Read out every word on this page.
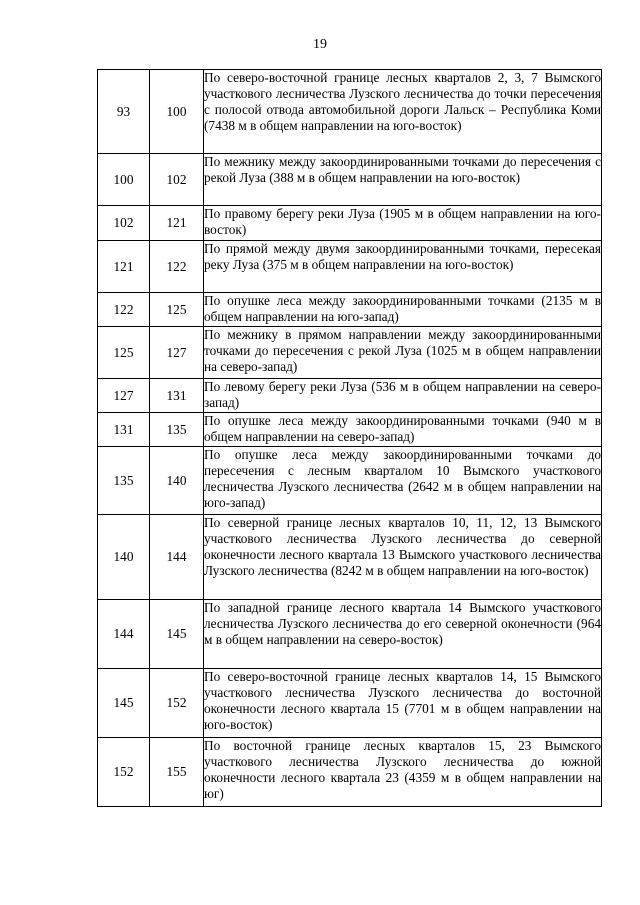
19
93	100	По северо-восточной границе лесных кварталов 2, 3, 7 Вымского участкового лесничества Лузского лесничества до точки пересечения с полосой отвода автомобильной дороги Лальск – Республика Коми (7438 м в общем направлении на юго-восток)
100	102	По межнику между закоординированными точками до пересечения с рекой Луза (388 м в общем направлении на юго-восток)
102	121	По правому берегу реки Луза (1905 м в общем направлении на юго-восток)
121	122	По прямой между двумя закоординированными точками, пересекая реку Луза (375 м в общем направлении на юго-восток)
122	125	По опушке леса между закоординированными точками (2135 м в общем направлении на юго-запад)
125	127	По межнику в прямом направлении между закоординированными точками до пересечения с рекой Луза (1025 м в общем направлении на северо-запад)
127	131	По левому берегу реки Луза (536 м в общем направлении на северо-запад)
131	135	По опушке леса между закоординированными точками (940 м в общем направлении на северо-запад)
135	140	По опушке леса между закоординированными точками до пересечения с лесным кварталом 10 Вымского участкового лесничества Лузского лесничества (2642 м в общем направлении на юго-запад)
140	144	По северной границе лесных кварталов 10, 11, 12, 13 Вымского участкового лесничества Лузского лесничества до северной оконечности лесного квартала 13 Вымского участкового лесничества Лузского лесничества (8242 м в общем направлении на юго-восток)
144	145	По западной границе лесного квартала 14 Вымского участкового лесничества Лузского лесничества до его северной оконечности (964 м в общем направлении на северо-восток)
145	152	По северо-восточной границе лесных кварталов 14, 15 Вымского участкового лесничества Лузского лесничества до восточной оконечности лесного квартала 15 (7701 м в общем направлении на юго-восток)
152	155	По восточной границе лесных кварталов 15, 23 Вымского участкового лесничества Лузского лесничества до южной оконечности лесного квартала 23 (4359 м в общем направлении на юг)
